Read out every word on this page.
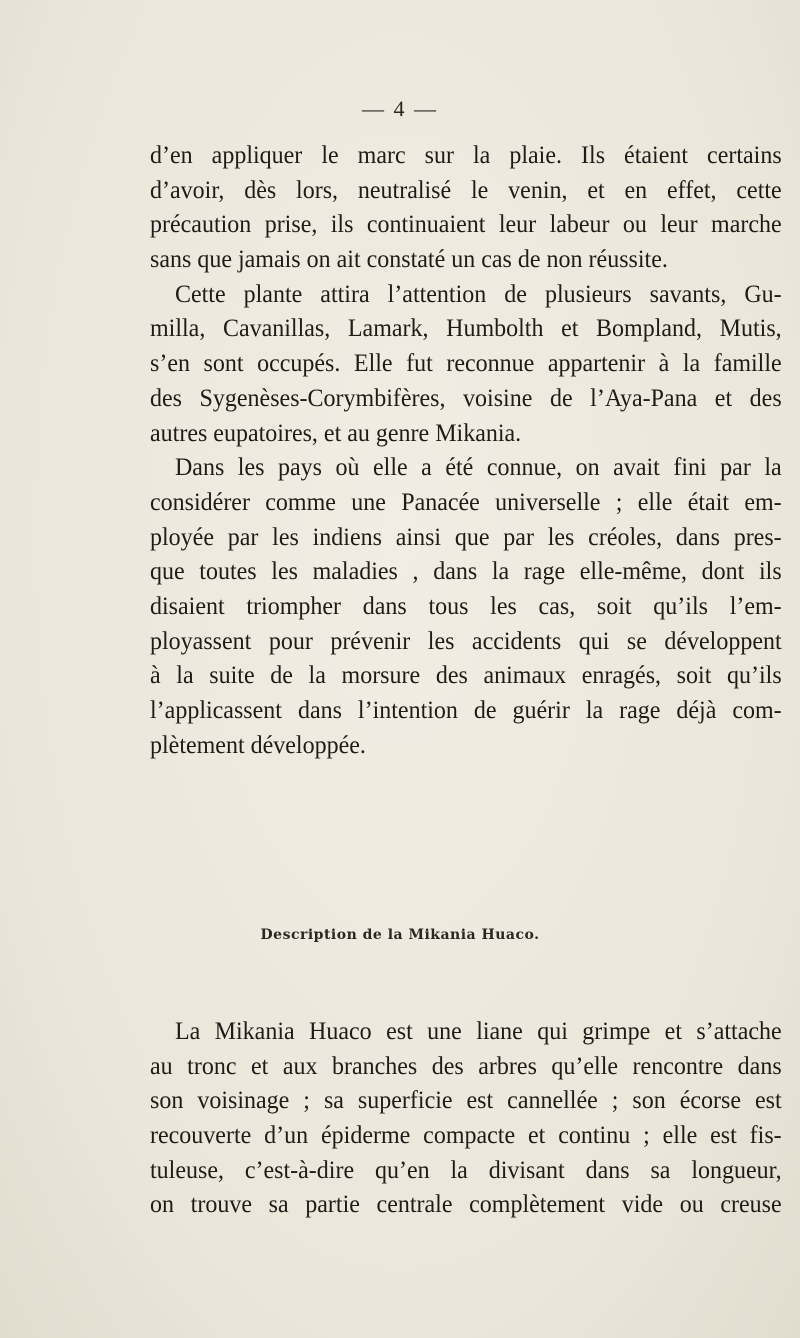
— 4 —
d’en appliquer le marc sur la plaie. Ils étaient certains
d’avoir, dès lors, neutralisé le venin, et en effet, cette
précaution prise, ils continuaient leur labeur ou leur marche
sans que jamais on ait constaté un cas de non réussite.
Cette plante attira l’attention de plusieurs savants, Gu-
milla, Cavanillas, Lamark, Humbolth et Bompland, Mutis,
s’en sont occupés. Elle fut reconnue appartenir à la famille
des Sygenèses-Corymbifères, voisine de l’Aya-Pana et des
autres eupatoires, et au genre Mikania.
Dans les pays où elle a été connue, on avait fini par la
considérer comme une Panacée universelle ; elle était em-
ployée par les indiens ainsi que par les créoles, dans pres-
que toutes les maladies , dans la rage elle-même, dont ils
disaient triompher dans tous les cas, soit qu’ils l’em-
ployassent pour prévenir les accidents qui se développent
à la suite de la morsure des animaux enragés, soit qu’ils
l’applicassent dans l’intention de guérir la rage déjà com-
plètement développée.
Description de la Mikania Huaco.
La Mikania Huaco est une liane qui grimpe et s’attache
au tronc et aux branches des arbres qu’elle rencontre dans
son voisinage ; sa superficie est cannellée ; son écorse est
recouverte d’un épiderme compacte et continu ; elle est fis-
tuleuse, c’est-à-dire qu’en la divisant dans sa longueur,
on trouve sa partie centrale complètement vide ou creuse
